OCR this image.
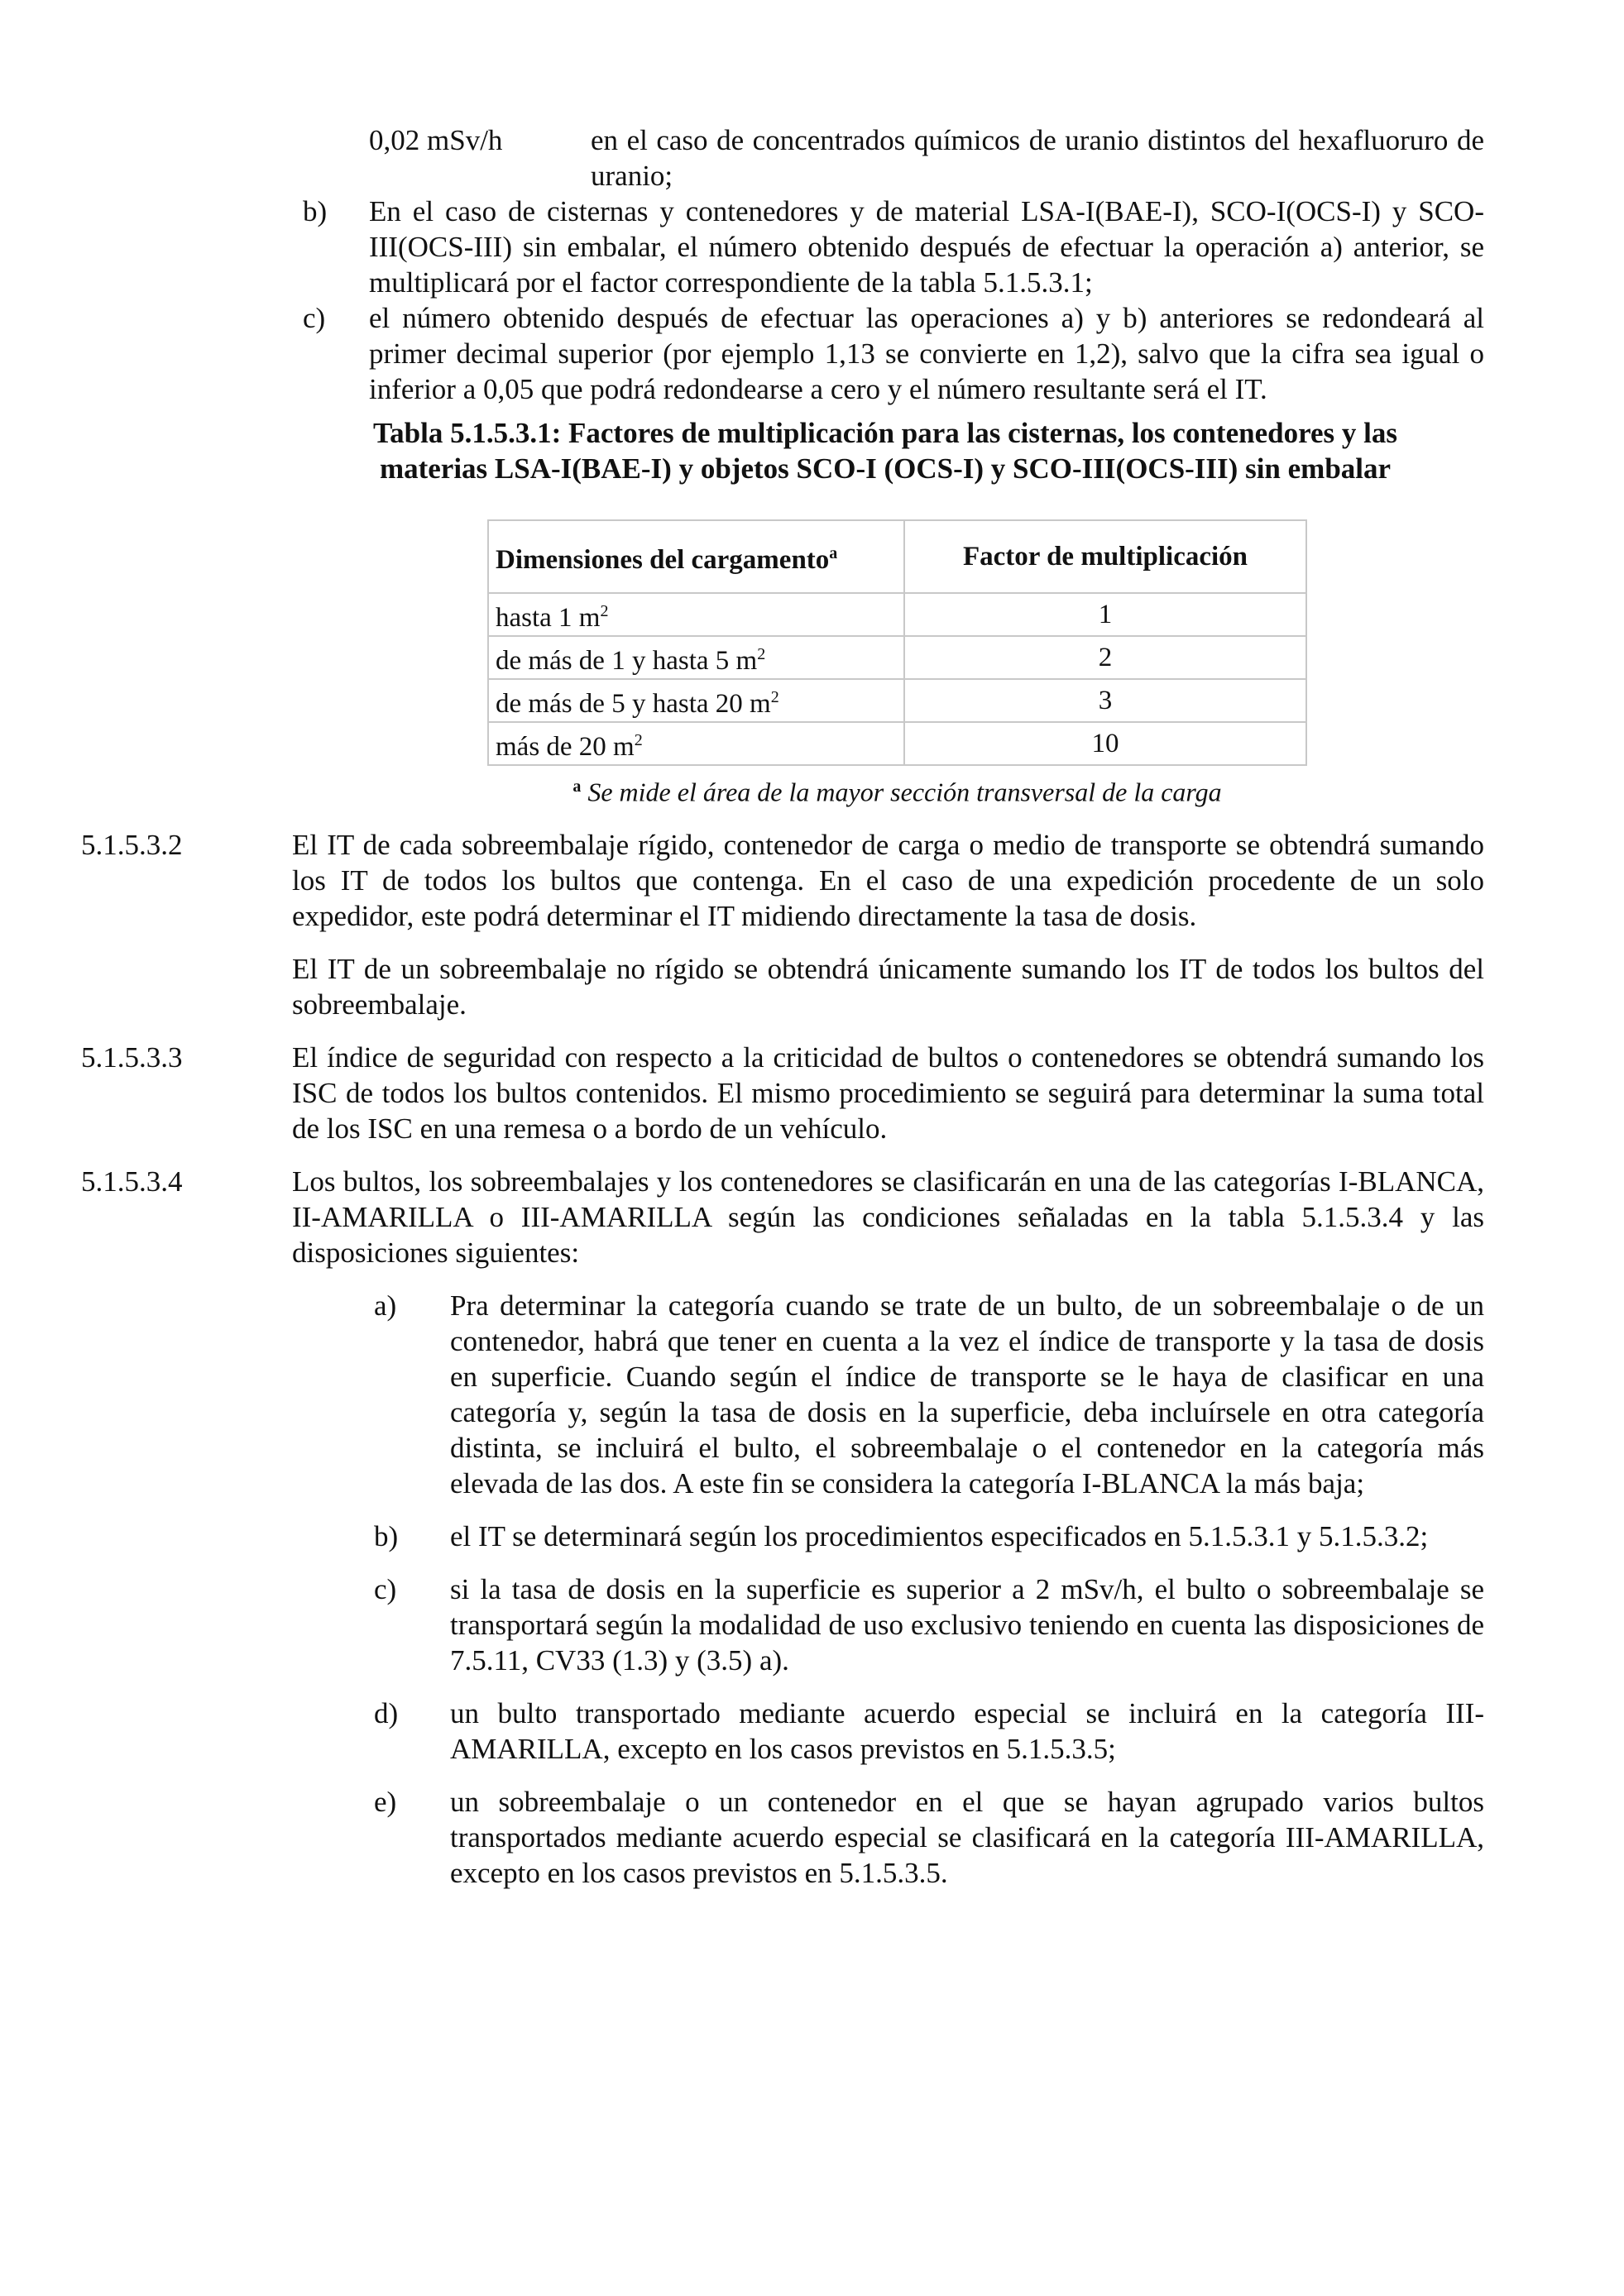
0,02 mSv/h	en el caso de concentrados químicos de uranio distintos del hexafluoruro de uranio;
b)	En el caso de cisternas y contenedores y de material LSA-I(BAE-I), SCO-I(OCS-I) y SCO-III(OCS-III) sin embalar, el número obtenido después de efectuar la operación a) anterior, se multiplicará por el factor correspondiente de la tabla 5.1.5.3.1;
c)	el número obtenido después de efectuar las operaciones a) y b) anteriores se redondeará al primer decimal superior (por ejemplo 1,13 se convierte en 1,2), salvo que la cifra sea igual o inferior a 0,05 que podrá redondearse a cero y el número resultante será el IT.
Tabla 5.1.5.3.1: Factores de multiplicación para las cisternas, los contenedores y las
materias LSA-I(BAE-I) y objetos SCO-I (OCS-I) y SCO-III(OCS-III) sin embalar
Dimensiones del cargamento$^a$	Factor de multiplicación
hasta 1 $m^2$	1
de más de 1 y hasta 5 $m^2$	2
de más de 5 y hasta 20 $m^2$	3
más de 20 $m^2$	10
$^a$ Se mide el área de la mayor sección transversal de la carga
5.1.5.3.2	El IT de cada sobreembalaje rígido, contenedor de carga o medio de transporte se obtendrá sumando los IT de todos los bultos que contenga. En el caso de una expedición procedente de un solo expedidor, este podrá determinar el IT midiendo directamente la tasa de dosis.
El IT de un sobreembalaje no rígido se obtendrá únicamente sumando los IT de todos los bultos del sobreembalaje.
5.1.5.3.3	El índice de seguridad con respecto a la criticidad de bultos o contenedores se obtendrá sumando los ISC de todos los bultos contenidos. El mismo procedimiento se seguirá para determinar la suma total de los ISC en una remesa o a bordo de un vehículo.
5.1.5.3.4	Los bultos, los sobreembalajes y los contenedores se clasificarán en una de las categorías I-BLANCA, II-AMARILLA o III-AMARILLA según las condiciones señaladas en la tabla 5.1.5.3.4 y las disposiciones siguientes:
a)	Pra determinar la categoría cuando se trate de un bulto, de un sobreembalaje o de un contenedor, habrá que tener en cuenta a la vez el índice de transporte y la tasa de dosis en superficie. Cuando según el índice de transporte se le haya de clasificar en una categoría y, según la tasa de dosis en la superficie, deba incluírsele en otra categoría distinta, se incluirá el bulto, el sobreembalaje o el contenedor en la categoría más elevada de las dos. A este fin se considera la categoría I-BLANCA la más baja;
b)	el IT se determinará según los procedimientos especificados en 5.1.5.3.1 y 5.1.5.3.2;
c)	si la tasa de dosis en la superficie es superior a 2 mSv/h, el bulto o sobreembalaje se transportará según la modalidad de uso exclusivo teniendo en cuenta las disposiciones de 7.5.11, CV33 (1.3) y (3.5) a).
d)	un bulto transportado mediante acuerdo especial se incluirá en la categoría III-AMARILLA, excepto en los casos previstos en 5.1.5.3.5;
e)	un sobreembalaje o un contenedor en el que se hayan agrupado varios bultos transportados mediante acuerdo especial se clasificará en la categoría III-AMARILLA, excepto en los casos previstos en 5.1.5.3.5.
